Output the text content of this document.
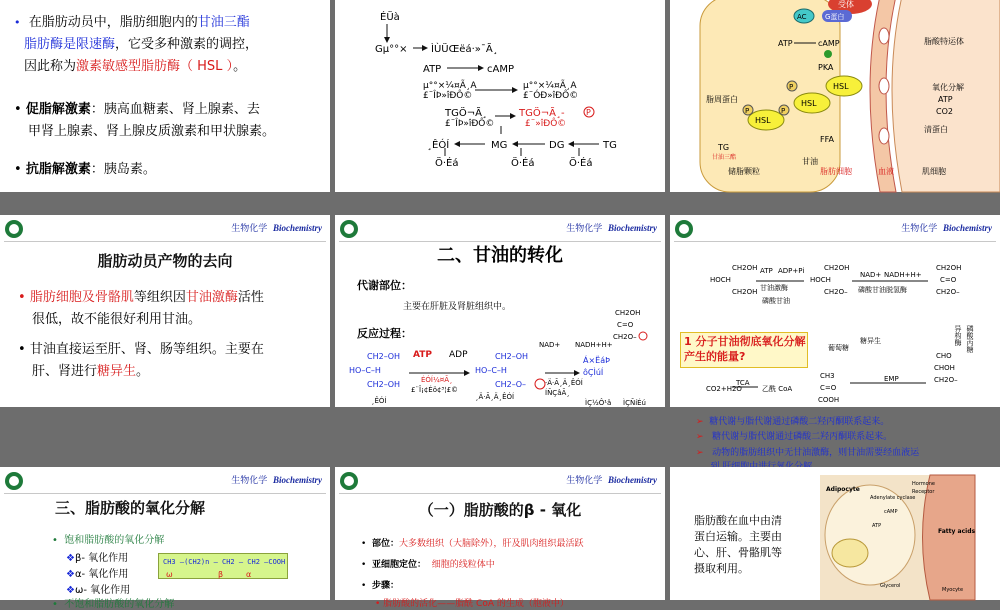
• 在脂肪动员中，脂肪细胞内的甘油三酯
脂肪酶是限速酶，它受多种激素的调控，
因此称为激素敏感型脂肪酶（ HSL ）。
• 促脂解激素：胰高血糖素、肾上腺素、去
甲肾上腺素、肾上腺皮质激素和甲状腺素。
• 抗脂解激素：胰岛素。
ÉÜà
Gµ°°× ÌÙÜŒëá·»¯Ã¸
ATP	cAMP
µ°°×¼¤Ã¸A
£¨ÎÞ»îÐÔ©
µ°°×¼¤Ã¸A
£¨ÓÐ»îÐÔ©
TGÖ¬Ã¸
£¨ÎÞ»îÐÔ©
TGÖ¬Ã¸-	P
£¨»îÐÔ©
¸ÊÓÍ	MG	DG	TG
Ö·Éá	Ö·Éá	Ö·Éá
受体
AC	G蛋白
ATP	cAMP
PKA
脂酸特运体
氧化分解
ATP
CO2
脂周蛋白
HSL
HSL
HSL
P
P	P
TG
甘油三酯
FFA
清蛋白
储脂颗粒
甘油
脂肪细胞	血液	肌细胞
生物化学 Biochemistry
脂肪动员产物的去向
• 脂肪细胞及骨骼肌等组织因甘油激酶活性
很低，故不能很好利用甘油。
• 甘油直接运至肝、肾、肠等组织。主要在
肝、肾进行糖异生。
生物化学 Biochemistry
二、甘油的转化
代谢部位：
主要在肝脏及肾脏组织中。
反应过程：
CH2–OH
HO–C–H
CH2–OH
CH2–OH
HO–C–H
CH2–O–
ATP ADP
ÉÓÍ¼¤Ã¸
£¨Î¡¢Éö¢³¦£©
¸ÊÓÍ	¸Ä·Ã¸Ä¸ÊÓÍ
NAD+ NADH+H+
·Ä·Ã¸Ä¸ÊÓÍ
ÍÑÇâÃ¸
CH2OH
C=O
CH2O–
Á×ËáÞ
ôÇÌúÍ
ÌÇ½Ô¹â ÌÇÑíÉú
生物化学 Biochemistry
CH2OH
HOCH
CH2OH
ATP ADP+Pi
甘油激酶
磷酸甘油
CH2OH
HOCH
CH2O–
NAD+ NADH+H+
磷酸甘油脱氢酶
CH2OH
C=O
CH2O–
葡萄糖
糖异生	异构酶 磷酸丙糖
CHO
CHOH
CH2O–
EMP
CH3
C=O
COOH
CO2+H2O
TCA
乙酰 CoA
1 分子甘油彻底氧化分解产生的能量?
➢ 糖代谢与脂代谢通过磷酸二羟丙酮联系起来。
➢ 糖代谢与脂代谢通过磷酸二羟丙酮联系起来。

➢ 动物的脂肪组织中无甘油激酶，则甘油需要经血液运

生物化学 Biochemistry
三、脂肪酸的氧化分解
•  饱和脂肪酸的氧化分解
❖β- 氧化作用
❖α- 氧化作用
❖ω- 氧化作用
CH3 –(CH2)n – CH2 – CH2 –COOH
ω	β	α
•  不饱和脂肪酸的氧化分解
生物化学 Biochemistry
（一）脂肪酸的β - 氧化
•  部位：大多数组织（大脑除外），肝及肌肉组织最活跃
•  亚细胞定位： 细胞的线粒体中
•  步骤：
• 脂肪酸的活化——脂酰 CoA 的生成（胞液中）
脂肪酸在血中由清
蛋白运输。主要由
心、肝、骨骼肌等
摄取利用。
Adipocyte
Hormone
Receptor
Adenylate cyclase
cAMP
ATP
Fatty acids
Glycerol
Myocyte
